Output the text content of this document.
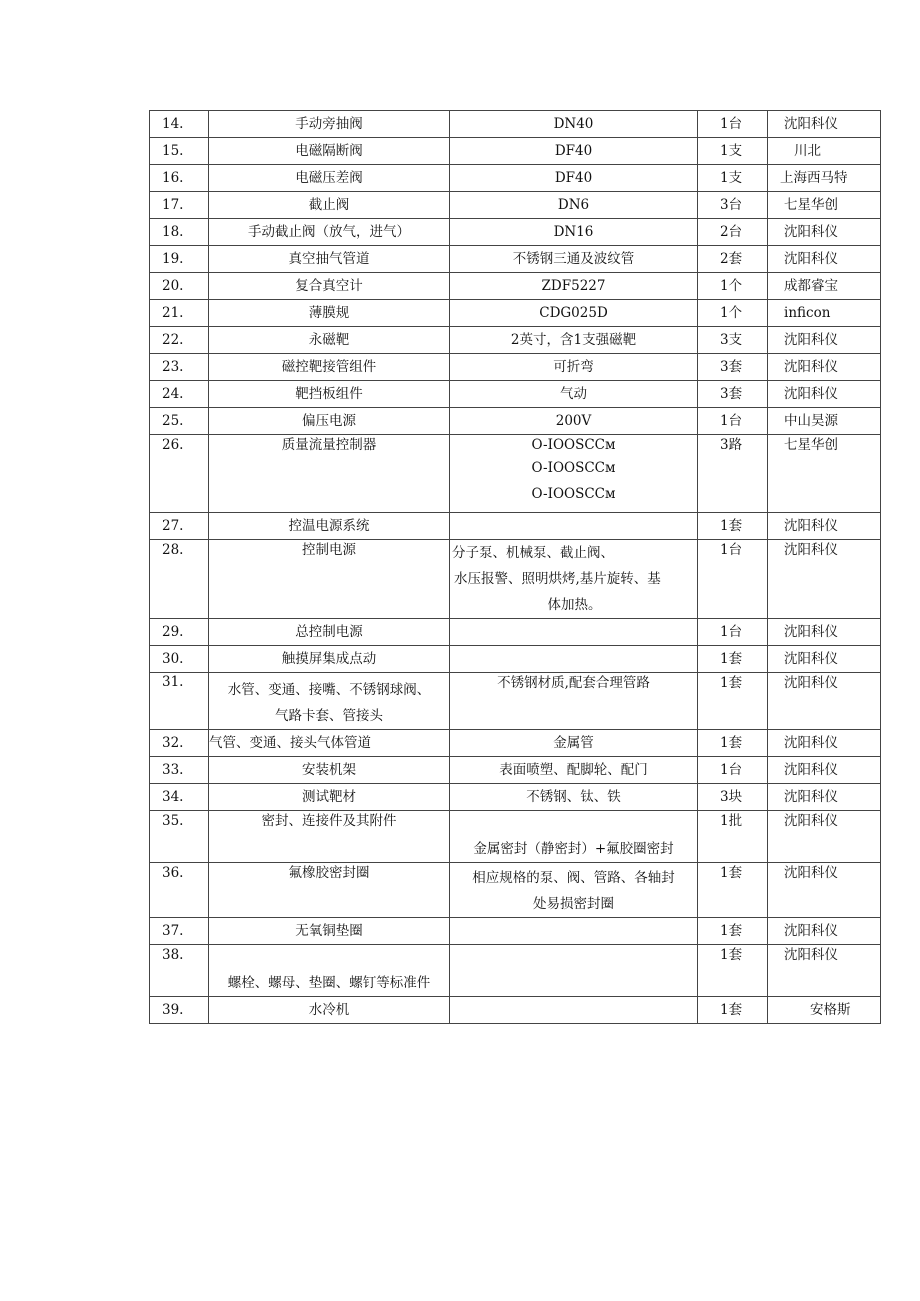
14.	手动旁抽阀	DN40	1台	沈阳科仪
15.	电磁隔断阀	DF40	1支	川北
16.	电磁压差阀	DF40	1支	上海西马特
17.	截止阀	DN6	3台	七星华创
18.	手动截止阀（放气，进气）	DN16	2台	沈阳科仪
19.	真空抽气管道	不锈钢三通及波纹管	2套	沈阳科仪
20.	复合真空计	ZDF5227	1个	成都睿宝
21.	薄膜规	CDG025D	1个	inficon
22.	永磁靶	2英寸，含1支强磁靶	3支	沈阳科仪
23.	磁控靶接管组件	可折弯	3套	沈阳科仪
24.	靶挡板组件	气动	3套	沈阳科仪
25.	偏压电源	200V	1台	中山昊源
26.	质量流量控制器	O-IOOSCCм
O-IOOSCCм
O-IOOSCCм	3路	七星华创
27.	控温电源系统		1套	沈阳科仪
28.	控制电源	分子泵、机械泵、截止阀、
水压报警、照明烘烤,基片旋转、基
体加热。	1台	沈阳科仪
29.	总控制电源		1台	沈阳科仪
30.	触摸屏集成点动		1套	沈阳科仪
31.	水管、变通、接嘴、不锈钢球阀、
气路卡套、管接头	不锈钢材质,配套合理管路	1套	沈阳科仪
32.	气管、变通、接头气体管道	金属管	1套	沈阳科仪
33.	安装机架	表面喷塑、配脚轮、配门	1台	沈阳科仪
34.	测试靶材	不锈钢、钛、铁	3块	沈阳科仪
35.	密封、连接件及其附件	金属密封（静密封）+氟胶圈密封	1批	沈阳科仪
36.	氟橡胶密封圈	相应规格的泵、阀、管路、各轴封
处易损密封圈	1套	沈阳科仪
37.	无氧铜垫圈		1套	沈阳科仪
38.	螺栓、螺母、垫圈、螺钉等标准件		1套	沈阳科仪
39.	水冷机		1套	安格斯
